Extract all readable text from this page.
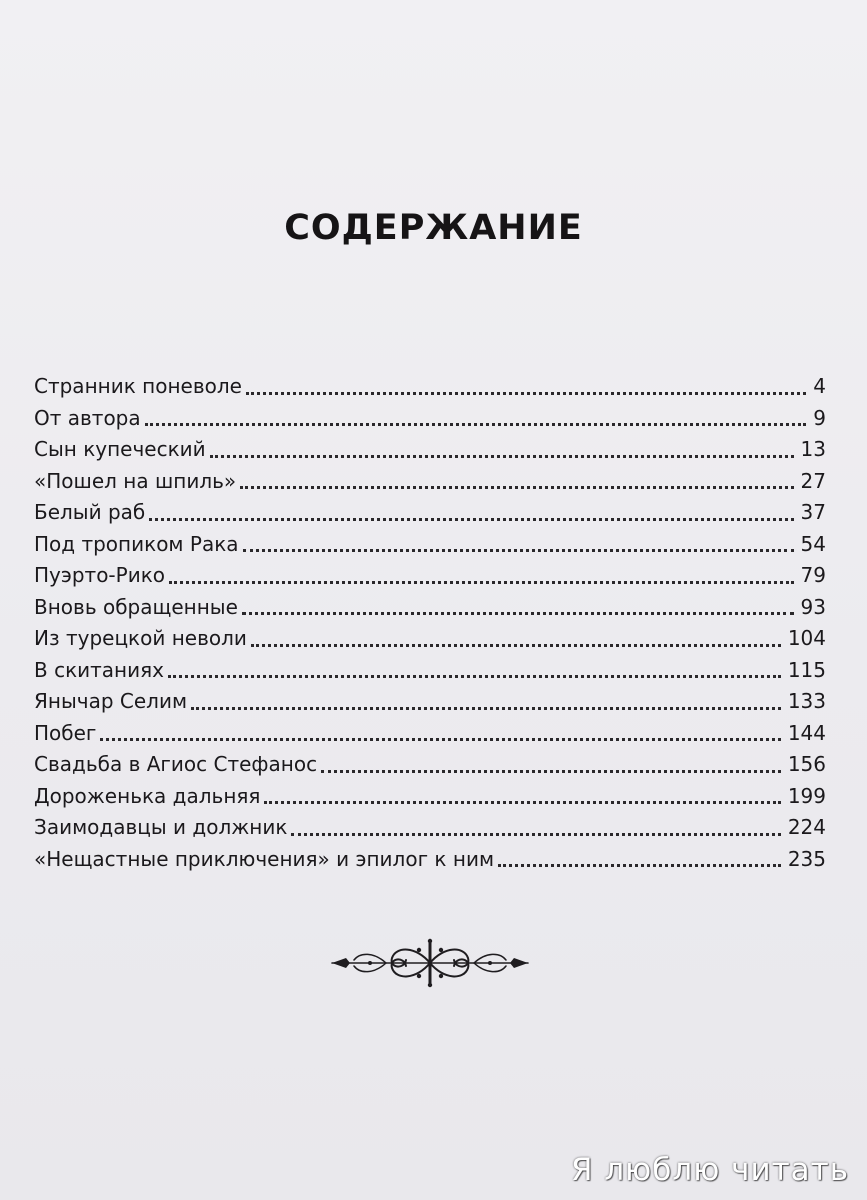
СОДЕРЖАНИЕ
Странник поневоле	4
От автора	9
Сын купеческий	13
«Пошел на шпиль»	27
Белый раб	37
Под тропиком Рака	54
Пуэрто-Рико	79
Вновь обращенные	93
Из турецкой неволи	104
В скитаниях	115
Янычар Селим	133
Побег	144
Свадьба в Агиос Стефанос	156
Дороженька дальняя	199
Заимодавцы и должник	224
«Нещастные приключения» и эпилог к ним	235
Я люблю читать
